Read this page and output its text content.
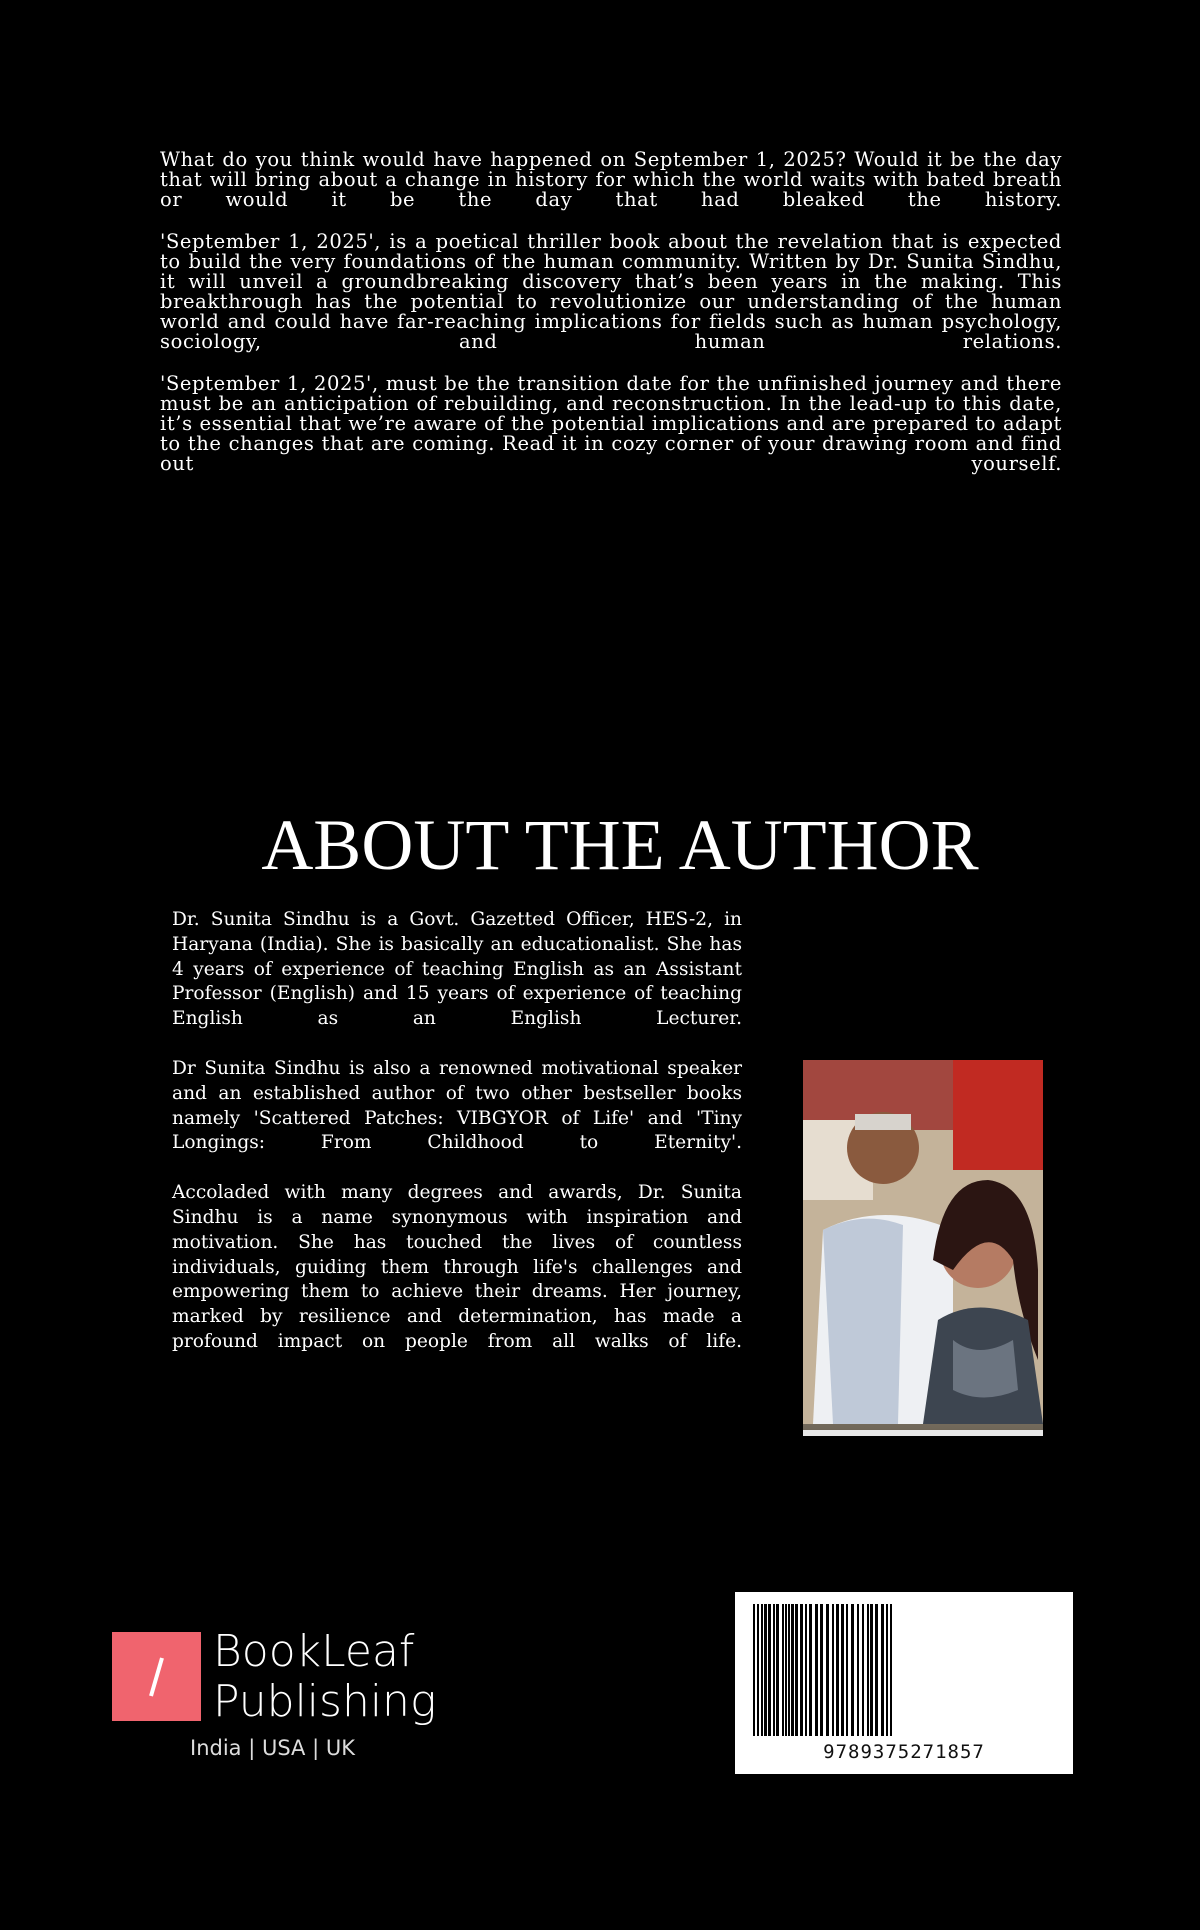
What do you think would have happened on September 1, 2025? Would it be the day that will bring about a change in history for which the world waits with bated breath or would it be the day that had bleaked the history.

'September 1, 2025', is a poetical thriller book about the revelation that is expected to build the very foundations of the human community. Written by Dr. Sunita Sindhu, it will unveil a groundbreaking discovery that’s been years in the making. This breakthrough has the potential to revolutionize our understanding of the human world and could have far-reaching implications for fields such as human psychology, sociology, and human relations.

'September 1, 2025', must be the transition date for the unfinished journey and there must be an anticipation of rebuilding, and reconstruction. In the lead-up to this date, it’s essential that we’re aware of the potential implications and are prepared to adapt to the changes that are coming. Read it in cozy corner of your drawing room and find out yourself.

ABOUT THE AUTHOR

Dr. Sunita Sindhu is a Govt. Gazetted Officer, HES-2, in Haryana (India). She is basically an educationalist. She has 4 years of experience of teaching English as an Assistant Professor (English) and 15 years of experience of teaching English as an English Lecturer.

Dr Sunita Sindhu is also a renowned motivational speaker and an established author of two other bestseller books namely 'Scattered Patches: VIBGYOR of Life' and 'Tiny Longings: From Childhood to Eternity'.

Accoladed with many degrees and awards, Dr. Sunita Sindhu is a name synonymous with inspiration and motivation. She has touched the lives of countless individuals, guiding them through life's challenges and empowering them to achieve their dreams. Her journey, marked by resilience and determination, has made a profound impact on people from all walks of life.

BookLeaf
Publishing
India | USA | UK	9789375271857
